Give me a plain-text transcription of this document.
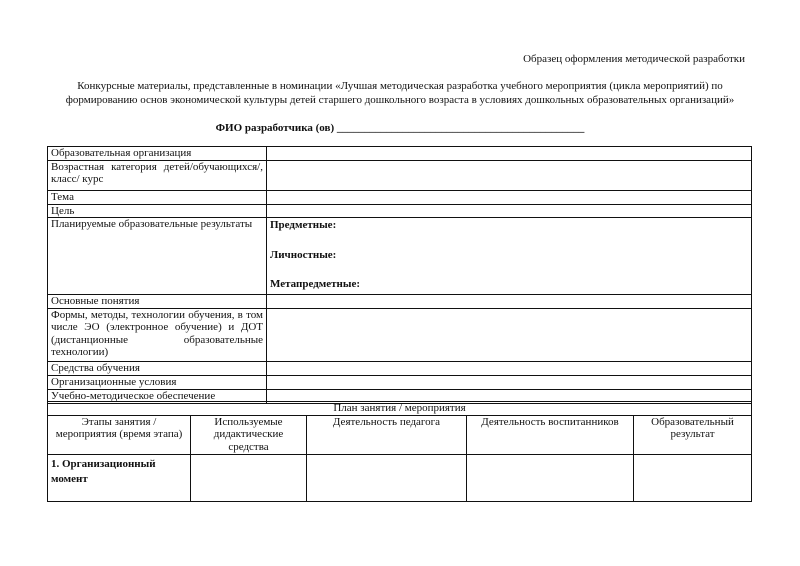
Образец оформления методической разработки
Конкурсные материалы, представленные в номинации «Лучшая методическая разработка учебного мероприятия (цикла мероприятий) по формированию основ экономической культуры детей старшего дошкольного возраста в условиях дошкольных образовательных организаций»
ФИО разработчика (ов) _____________________________________________
Образовательная организация	
Возрастная категория детей/обучающихся/, класс/ курс	
Тема	
Цель	
Планируемые образовательные результаты	Предметные:
Личностные:
Метапредметные:

Основные понятия	
Формы, методы, технологии обучения, в том числе ЭО (электронное обучение) и ДОТ (дистанционные образовательные технологии)	
Средства обучения	
Организационные условия	
Учебно-методическое обеспечение	
План занятия / мероприятия				
Этапы занятия / мероприятия (время этапа)	Используемые дидактические средства	Деятельность педагога	Деятельность воспитанников	Образовательный результат
1. Организационный момент				
